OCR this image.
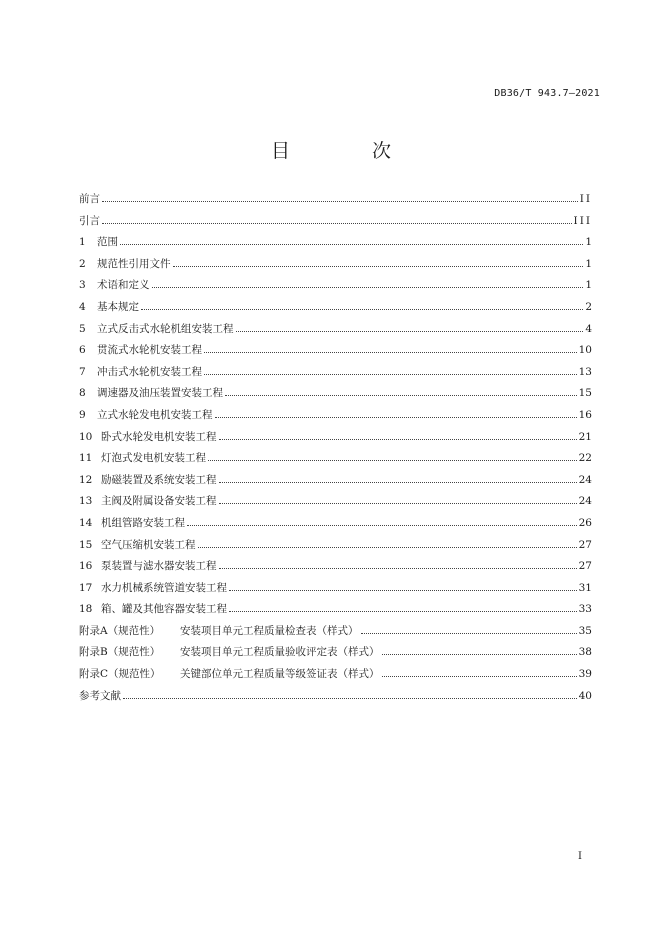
DB36/T 943.7—2021
目 次
前言	II
引言	III
1	范围	1
2	规范性引用文件	1
3	术语和定义	1
4	基本规定	2
5	立式反击式水轮机组安装工程	4
6	贯流式水轮机安装工程	10
7	冲击式水轮机安装工程	13
8	调速器及油压装置安装工程	15
9	立式水轮发电机安装工程	16
10 卧式水轮发电机安装工程	21
11 灯泡式发电机安装工程	22
12 励磁装置及系统安装工程	24
13 主阀及附属设备安装工程	24
14 机组管路安装工程	26
15 空气压缩机安装工程	27
16 泵装置与滤水器安装工程	27
17 水力机械系统管道安装工程	31
18 箱、罐及其他容器安装工程	33
附录A（规范性）	安装项目单元工程质量检查表（样式）	35
附录B（规范性）	安装项目单元工程质量验收评定表（样式）	38
附录C（规范性）	关键部位单元工程质量等级签证表（样式）	39
参考文献	40
I
